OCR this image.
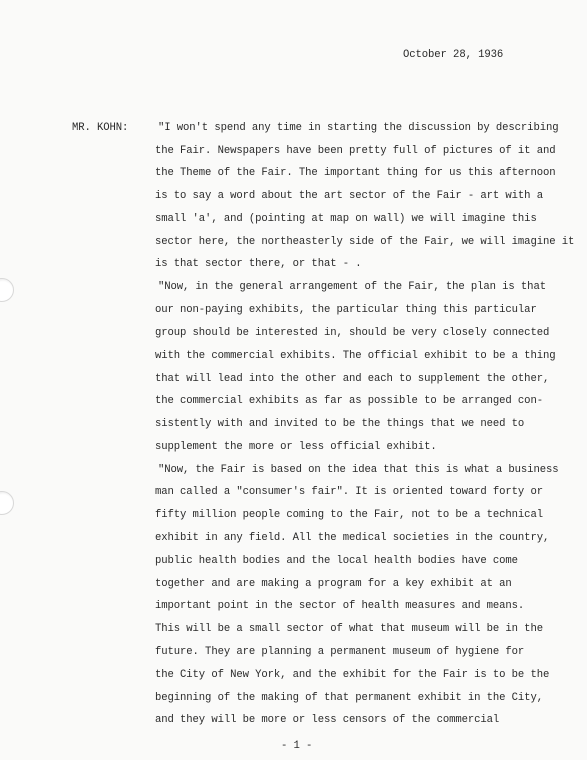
October 28, 1936
MR. KOHN:	"I won't spend any time in starting the discussion by describing
the Fair. Newspapers have been pretty full of pictures of it and
the Theme of the Fair. The important thing for us this afternoon
is to say a word about the art sector of the Fair - art with a
small 'a', and (pointing at map on wall) we will imagine this
sector here, the northeasterly side of the Fair, we will imagine it
is that sector there, or that - .
"Now, in the general arrangement of the Fair, the plan is that
our non-paying exhibits, the particular thing this particular
group should be interested in, should be very closely connected
with the commercial exhibits. The official exhibit to be a thing
that will lead into the other and each to supplement the other,
the commercial exhibits as far as possible to be arranged con-
sistently with and invited to be the things that we need to
supplement the more or less official exhibit.
"Now, the Fair is based on the idea that this is what a business
man called a "consumer's fair". It is oriented toward forty or
fifty million people coming to the Fair, not to be a technical
exhibit in any field. All the medical societies in the country,
public health bodies and the local health bodies have come
together and are making a program for a key exhibit at an
important point in the sector of health measures and means.
This will be a small sector of what that museum will be in the
future. They are planning a permanent museum of hygiene for
the City of New York, and the exhibit for the Fair is to be the
beginning of the making of that permanent exhibit in the City,
and they will be more or less censors of the commercial
- 1 -
